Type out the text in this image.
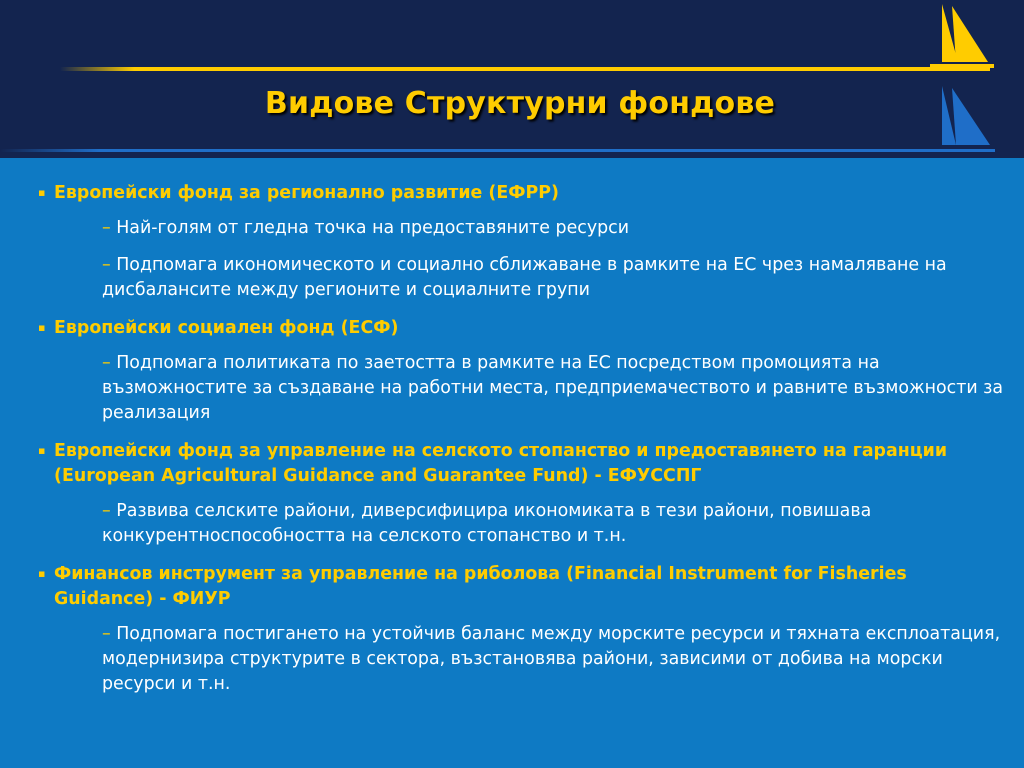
Видове Структурни фондове
▪ Европейски фонд за регионално развитие (ЕФРР)
– Най-голям от гледна точка на предоставяните ресурси
– Подпомага икономическото и социално сближаване в рамките на ЕС чрез намаляване на дисбалансите между регионите и социалните групи
▪ Европейски социален фонд (ЕСФ)
– Подпомага политиката по заетостта в рамките на ЕС посредством промоцията на възможностите за създаване на работни места, предприемачеството и равните възможности за реализация
▪ Европейски фонд за управление на селското стопанство и предоставянето на гаранции (European Agricultural Guidance and Guarantee Fund) - ЕФУССПГ
– Развива селските райони, диверсифицира икономиката в тези райони, повишава конкурентноспособността на селското стопанство и т.н.
▪ Финансов инструмент за управление на риболова (Financial Instrument for Fisheries Guidance) - ФИУР
– Подпомага постигането на устойчив баланс между морските ресурси и тяхната експлоатация, модернизира структурите в сектора, възстановява райони, зависими от добива на морски ресурси и т.н.
